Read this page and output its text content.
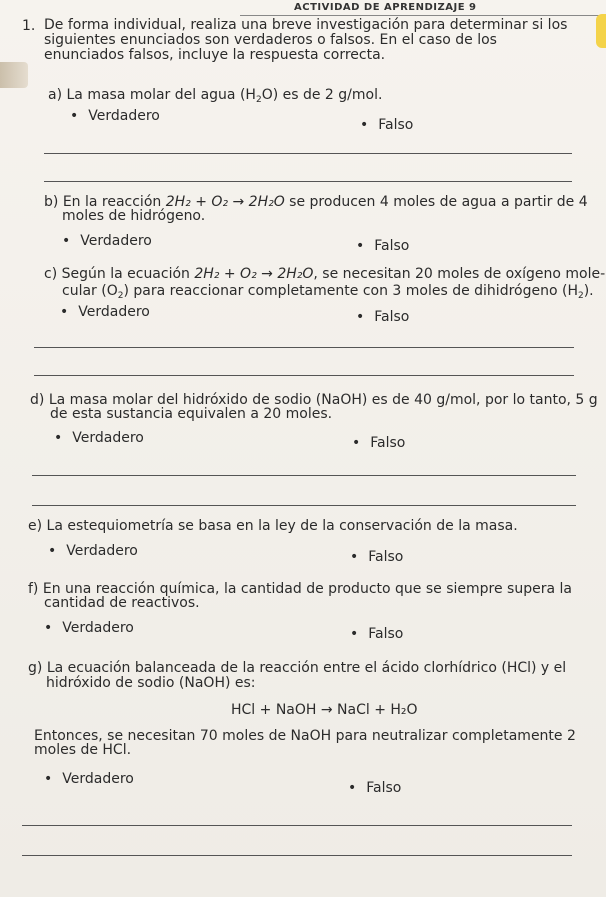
ACTIVIDAD DE APRENDIZAJE 9
1. De forma individual, realiza una breve investigación para determinar si los siguientes enunciados son verdaderos o falsos. En el caso de los enunciados falsos, incluye la respuesta correcta.
a) La masa molar del agua $(H_2O)$ es de 2 g/mol.
• Verdadero
• Falso
b) En la reacción 2H₂ + O₂ → 2H₂O se producen 4 moles de agua a partir de 4
moles de hidrógeno.
• Verdadero	• Falso
c) Según la ecuación 2H₂ + O₂ → 2H₂O, se necesitan 20 moles de oxígeno mole-
cular $(O_2)$ para reaccionar completamente con 3 moles de dihidrógeno $(H_2)$.
• Verdadero	• Falso
d) La masa molar del hidróxido de sodio (NaOH) es de 40 g/mol, por lo tanto, 5 g
de esta sustancia equivalen a 20 moles.
• Verdadero	• Falso
e) La estequiometría se basa en la ley de la conservación de la masa.
• Verdadero	• Falso
f) En una reacción química, la cantidad de producto que se siempre supera la
cantidad de reactivos.
• Verdadero	• Falso
g) La ecuación balanceada de la reacción entre el ácido clorhídrico (HCl) y el
hidróxido de sodio (NaOH) es:
HCl + NaOH → NaCl + H₂O
Entonces, se necesitan 70 moles de NaOH para neutralizar completamente 2
moles de HCl.
• Verdadero
• Falso
